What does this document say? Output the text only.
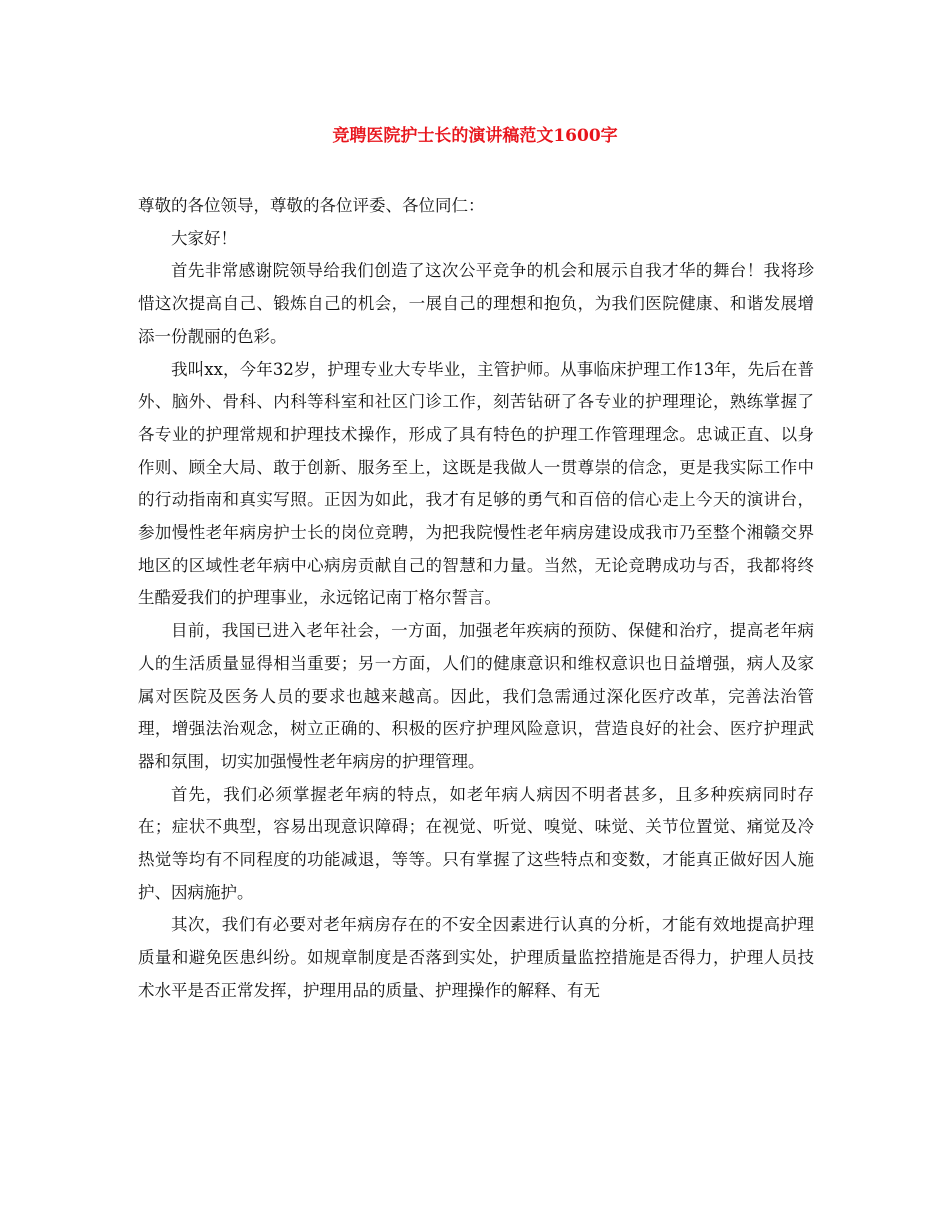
竞聘医院护士长的演讲稿范文1600字

尊敬的各位领导，尊敬的各位评委、各位同仁：

大家好！

首先非常感谢院领导给我们创造了这次公平竞争的机会和展示自我才华的舞台！我将珍惜这次提高自己、锻炼自己的机会，一展自己的理想和抱负，为我们医院健康、和谐发展增添一份靓丽的色彩。

我叫xx，今年32岁，护理专业大专毕业，主管护师。从事临床护理工作13年，先后在普外、脑外、骨科、内科等科室和社区门诊工作，刻苦钻研了各专业的护理理论，熟练掌握了各专业的护理常规和护理技术操作，形成了具有特色的护理工作管理理念。忠诚正直、以身作则、顾全大局、敢于创新、服务至上，这既是我做人一贯尊崇的信念，更是我实际工作中的行动指南和真实写照。正因为如此，我才有足够的勇气和百倍的信心走上今天的演讲台，参加慢性老年病房护士长的岗位竞聘，为把我院慢性老年病房建设成我市乃至整个湘赣交界地区的区域性老年病中心病房贡献自己的智慧和力量。当然，无论竞聘成功与否，我都将终生酷爱我们的护理事业，永远铭记南丁格尔誓言。

目前，我国已进入老年社会，一方面，加强老年疾病的预防、保健和治疗，提高老年病人的生活质量显得相当重要；另一方面，人们的健康意识和维权意识也日益增强，病人及家属对医院及医务人员的要求也越来越高。因此，我们急需通过深化医疗改革，完善法治管理，增强法治观念，树立正确的、积极的医疗护理风险意识，营造良好的社会、医疗护理武器和氛围，切实加强慢性老年病房的护理管理。

首先，我们必须掌握老年病的特点，如老年病人病因不明者甚多，且多种疾病同时存在；症状不典型，容易出现意识障碍；在视觉、听觉、嗅觉、味觉、关节位置觉、痛觉及冷热觉等均有不同程度的功能减退，等等。只有掌握了这些特点和变数，才能真正做好因人施护、因病施护。

其次，我们有必要对老年病房存在的不安全因素进行认真的分析，才能有效地提高护理质量和避免医患纠纷。如规章制度是否落到实处，护理质量监控措施是否得力，护理人员技术水平是否正常发挥，护理用品的质量、护理操作的解释、有无
